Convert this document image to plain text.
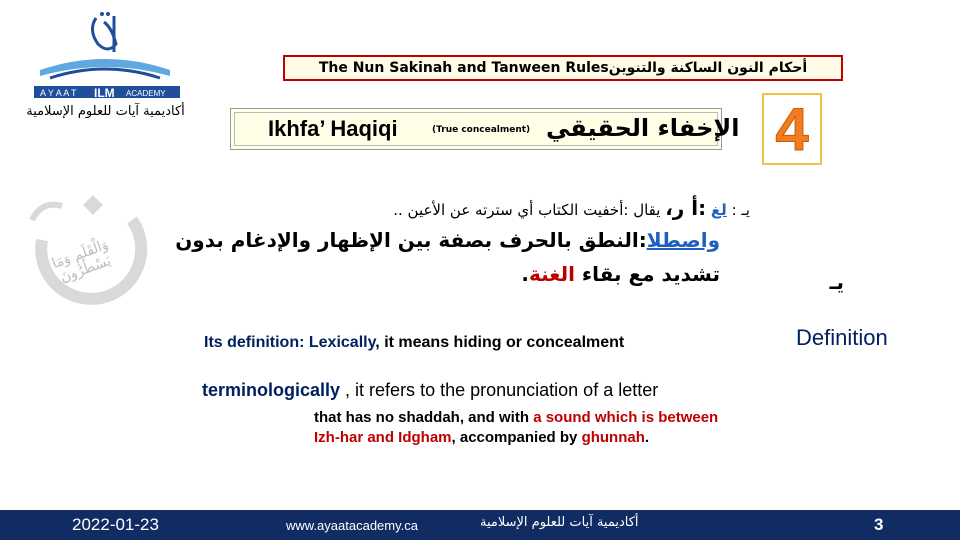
A Y A A T ILM ACADEMY
أكاديمية آيات للعلوم الإسلامية
The Nun Sakinah and Tanween Rulesأحكام النون الساكنة والتنوين
Ikhfa’ Haqiqi	(True concealment) الإخفاء الحقيقي 4
وَالْقَلَمِ وَمَا يَسْطُرُونَ
يـ : لغ :أ ر، يقال :أخفيت الكتاب أي سترته عن الأعين ..
واصطلا:النطق بالحرف بصفة بين الإظهار والإدغام بدون
تشديد مع بقاء الغنة.	يـ
Definition
Its definition: Lexically, it means hiding or concealment
terminologically , it refers to the pronunciation of a letter
that has no shaddah, and with a sound which is between Izh-har and Idgham, accompanied by ghunnah.
2022-01-23	www.ayaatacademy.ca	أكاديمية آيات للعلوم الإسلامية	3
